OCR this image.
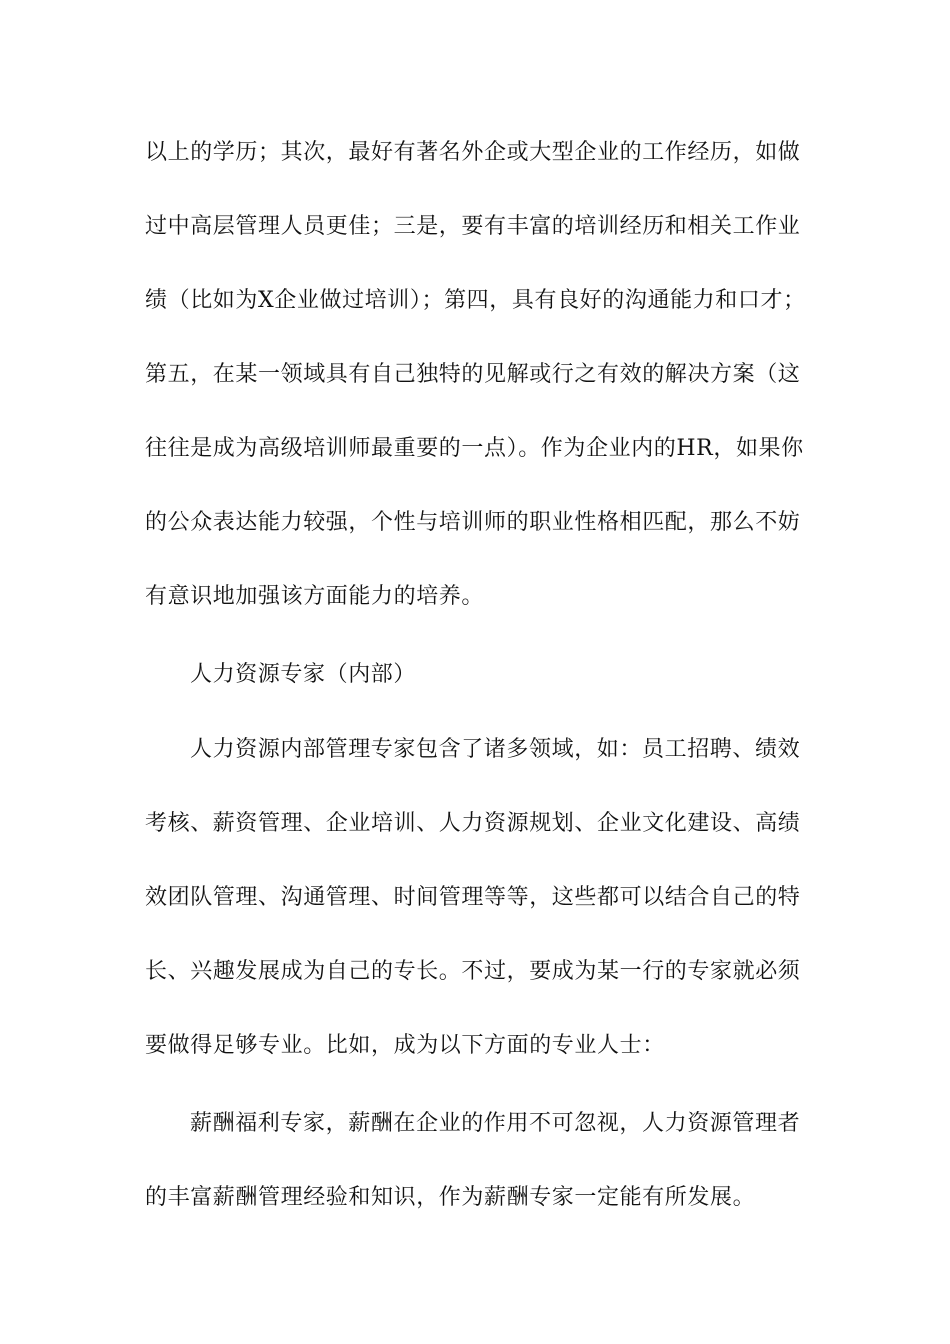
以上的学历；其次，最好有著名外企或大型企业的工作经历，如做
过中高层管理人员更佳；三是，要有丰富的培训经历和相关工作业
绩（比如为X企业做过培训）；第四，具有良好的沟通能力和口才；
第五，在某一领域具有自己独特的见解或行之有效的解决方案（这
往往是成为高级培训师最重要的一点）。作为企业内的HR，如果你
的公众表达能力较强，个性与培训师的职业性格相匹配，那么不妨
有意识地加强该方面能力的培养。
人力资源专家（内部）
人力资源内部管理专家包含了诸多领域，如：员工招聘、绩效
考核、薪资管理、企业培训、人力资源规划、企业文化建设、高绩
效团队管理、沟通管理、时间管理等等，这些都可以结合自己的特
长、兴趣发展成为自己的专长。不过，要成为某一行的专家就必须
要做得足够专业。比如，成为以下方面的专业人士：
薪酬福利专家，薪酬在企业的作用不可忽视，人力资源管理者
的丰富薪酬管理经验和知识，作为薪酬专家一定能有所发展。
